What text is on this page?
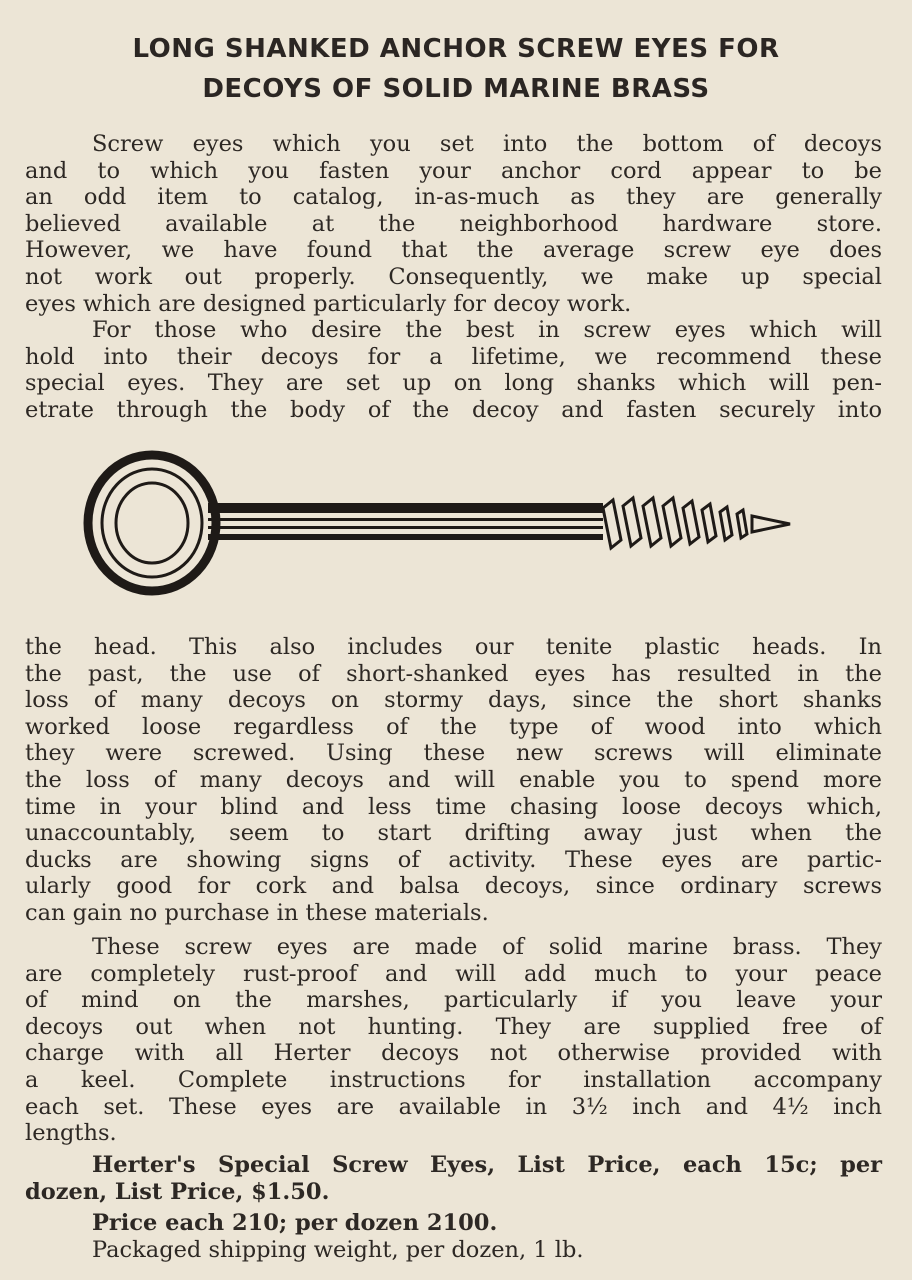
LONG SHANKED ANCHOR SCREW EYES FOR
DECOYS OF SOLID MARINE BRASS
Screw eyes which you set into the bottom of decoys
and to which you fasten your anchor cord appear to be
an odd item to catalog, in-as-much as they are generally
believed available at the neighborhood hardware store.
However, we have found that the average screw eye does
not work out properly. Consequently, we make up special
eyes which are designed particularly for decoy work.
For those who desire the best in screw eyes which will
hold into their decoys for a lifetime, we recommend these
special eyes. They are set up on long shanks which will pen-
etrate through the body of the decoy and fasten securely into
the head. This also includes our tenite plastic heads. In
the past, the use of short-shanked eyes has resulted in the
loss of many decoys on stormy days, since the short shanks
worked loose regardless of the type of wood into which
they were screwed. Using these new screws will eliminate
the loss of many decoys and will enable you to spend more
time in your blind and less time chasing loose decoys which,
unaccountably, seem to start drifting away just when the
ducks are showing signs of activity. These eyes are partic-
ularly good for cork and balsa decoys, since ordinary screws
can gain no purchase in these materials.
These screw eyes are made of solid marine brass. They
are completely rust-proof and will add much to your peace
of mind on the marshes, particularly if you leave your
decoys out when not hunting. They are supplied free of
charge with all Herter decoys not otherwise provided with
a keel. Complete instructions for installation accompany
each set. These eyes are available in 3½ inch and 4½ inch
lengths.
Herter's Special Screw Eyes, List Price, each 15c; per
dozen, List Price, $1.50.
Price each 210; per dozen 2100.
Packaged shipping weight, per dozen, 1 lb.
